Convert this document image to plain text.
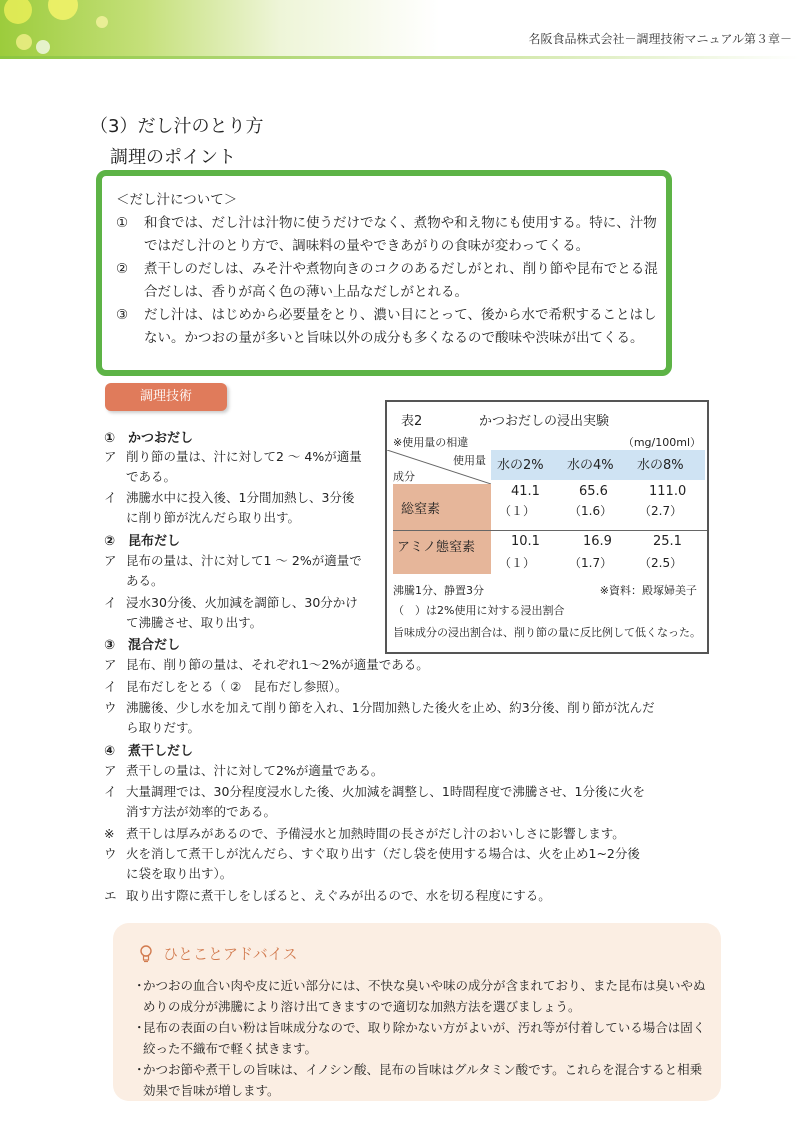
名阪食品株式会社－調理技術マニュアル第３章－
（3）だし汁のとり方
調理のポイント
＜だし汁について＞
① 和食では、だし汁は汁物に使うだけでなく、煮物や和え物にも使用する。特に、汁物ではだし汁のとり方で、調味料の量やできあがりの食味が変わってくる。
② 煮干しのだしは、みそ汁や煮物向きのコクのあるだしがとれ、削り節や昆布でとる混合だしは、香りが高く色の薄い上品なだしがとれる。
③ だし汁は、はじめから必要量をとり、濃い目にとって、後から水で希釈することはしない。かつおの量が多いと旨味以外の成分も多くなるので酸味や渋味が出てくる。
調理技術
①　かつおだし
ア 削り節の量は、汁に対して2 ～ 4%が適量
である。
イ 沸騰水中に投入後、1分間加熱し、3分後
に削り節が沈んだら取り出す。
②　昆布だし
ア 昆布の量は、汁に対して1 ～ 2%が適量で
ある。
イ 浸水30分後、火加減を調節し、30分かけ
て沸騰させ、取り出す。
③　混合だし
ア 昆布、削り節の量は、それぞれ1～2%が適量である。
イ 昆布だしをとる（ ②　昆布だし参照）。
ウ 沸騰後、少し水を加えて削り節を入れ、1分間加熱した後火を止め、約3分後、削り節が沈んだ
ら取りだす。
④　煮干しだし
ア 煮干しの量は、汁に対して2%が適量である。
イ 大量調理では、30分程度浸水した後、火加減を調整し、1時間程度で沸騰させ、1分後に火を
消す方法が効率的である。
※ 煮干しは厚みがあるので、予備浸水と加熱時間の長さがだし汁のおいしさに影響します。
ウ 火を消して煮干しが沈んだら、すぐ取り出す（だし袋を使用する場合は、火を止め1~2分後
に袋を取り出す）。
エ 取り出す際に煮干しをしぼると、えぐみが出るので、水を切る程度にする。
表2	かつおだしの浸出実験
※使用量の相違	（mg/100ml）
使用量
成分
水の2% 水の4% 水の8%
総窒素
41.1	65.6	111.0
（１）	（1.6） （2.7）
アミノ態窒素	10.1	16.9	25.1
（１）	（1.7） （2.5）
沸騰1分、静置3分	※資料：殿塚婦美子
（　）は2%使用に対する浸出割合
旨味成分の浸出割合は、削り節の量に反比例して低くなった。
ひとことアドバイス
・
かつおの血合い肉や皮に近い部分には、不快な臭いや味の成分が含まれており、また昆布は臭いやぬめりの成分が沸騰により溶け出てきますので適切な加熱方法を選びましょう。
・
昆布の表面の白い粉は旨味成分なので、取り除かない方がよいが、汚れ等が付着している場合は固く絞った不織布で軽く拭きます。
・
かつお節や煮干しの旨味は、イノシン酸、昆布の旨味はグルタミン酸です。これらを混合すると相乗効果で旨味が増します。
